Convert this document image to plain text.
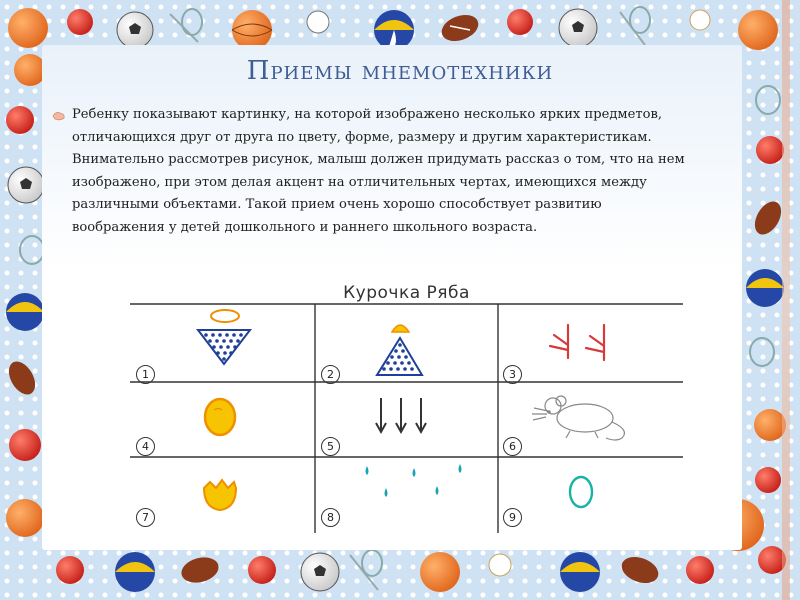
Приемы мнемотехники

Ребенку показывают картинку, на которой изображено несколько ярких предметов, отличающихся друг от друга по цвету, форме, размеру и другим характеристикам. Внимательно рассмотрев рисунок, малыш должен придумать рассказ о том, что на нем изображено, при этом делая акцент на отличительных чертах, имеющихся между различными объектами. Такой прием очень хорошо способствует развитию воображения у детей дошкольного и раннего школьного возраста.

Курочка Ряба
1	2	3
4	5	6
7	8	9
